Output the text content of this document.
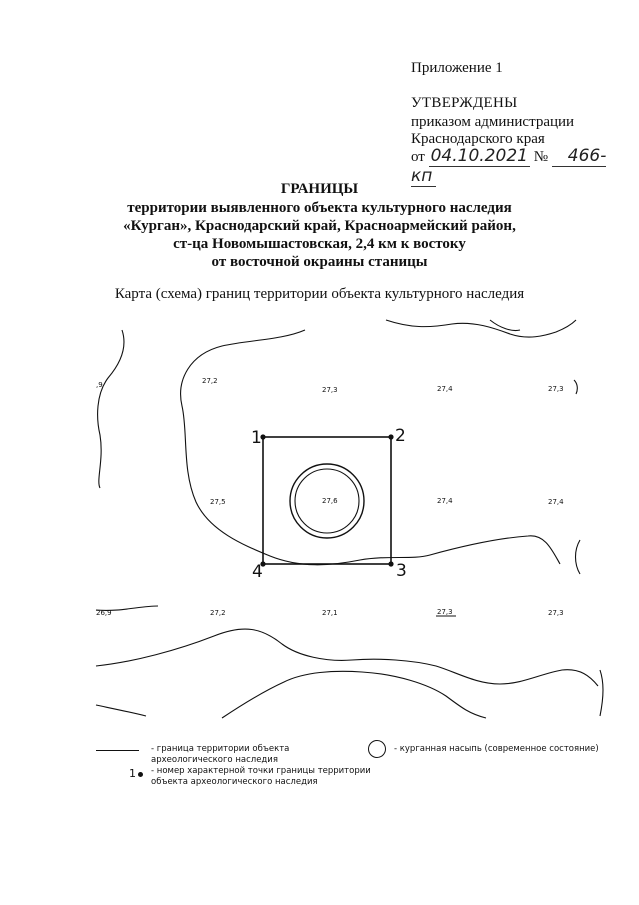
Приложение 1
УТВЕРЖДЕНЫ
приказом администрации
Краснодарского края
от 04.10.2021 № 466-кп
ГРАНИЦЫ
территории выявленного объекта культурного наследия
«Курган», Краснодарский край, Красноармейский район,
ст-ца Новомышастовская, 2,4 км к востоку
от восточной окраины станицы
Карта (схема) границ территории объекта культурного наследия
27,2
27,3	27,4	27,3
27,5	27,6	27,4	27,4
26,9	27,2	27,1	27,3	27,3
,9
1	2
3
4
- граница территории объекта археологического наследия
- курганная насыпь (современное состояние)
1	- номер характерной точки границы территории объекта археологического наследия
